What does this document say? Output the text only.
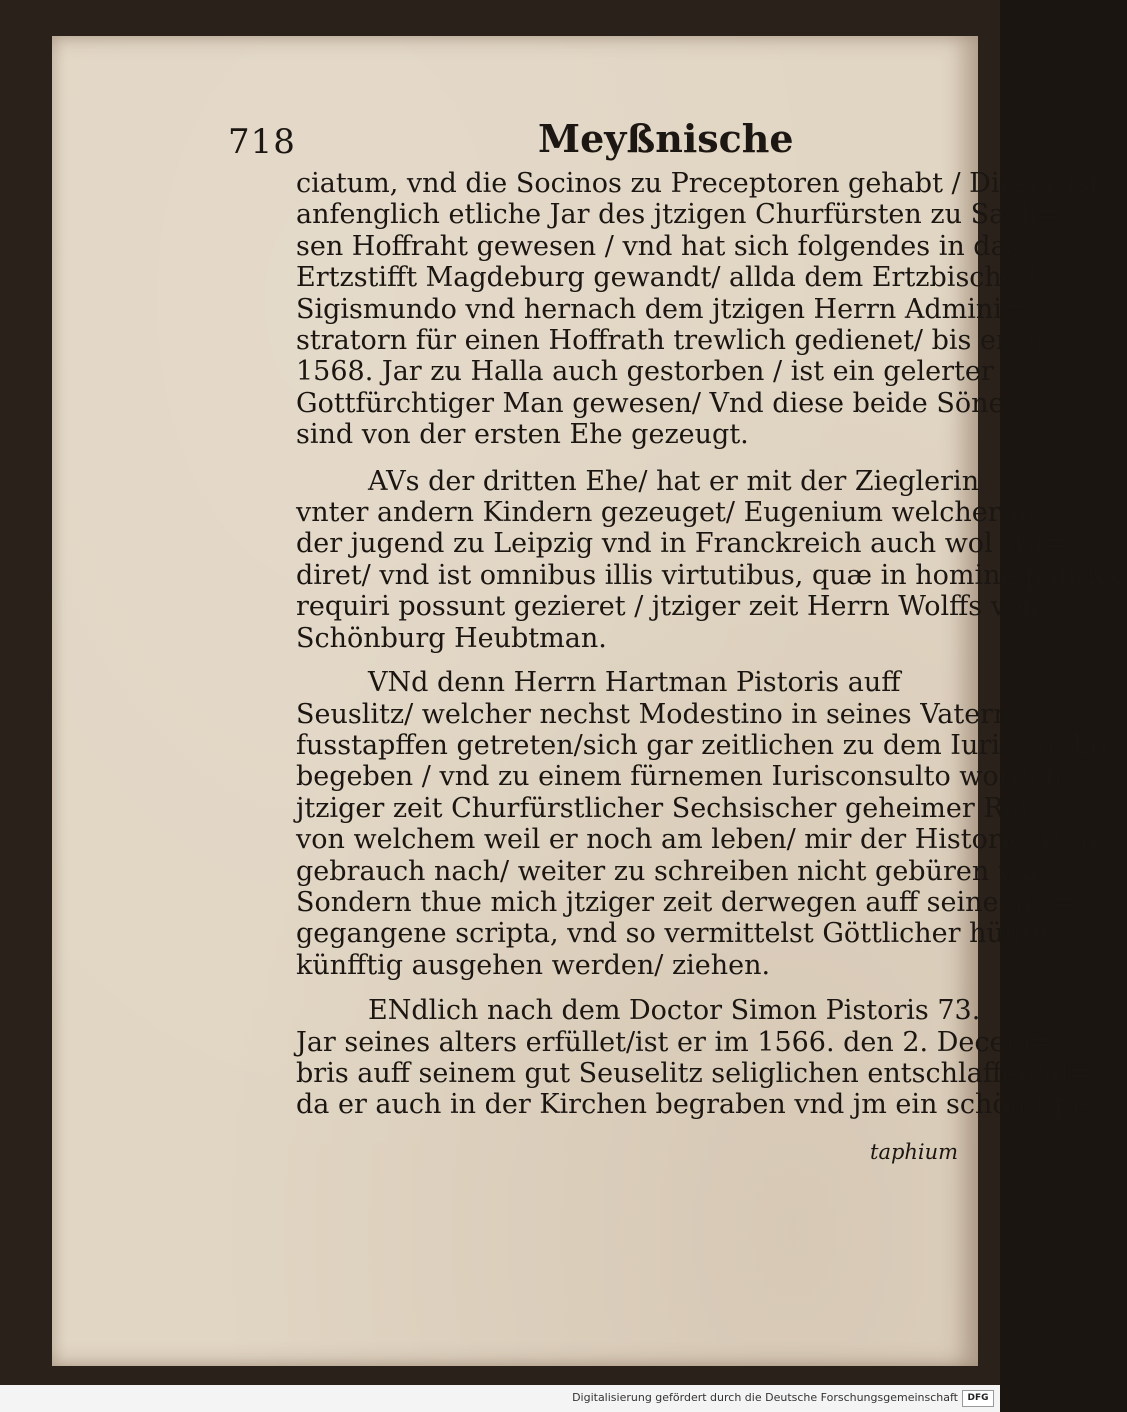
718	Meyßnische
ciatum, vnd die Socinos zu Preceptoren gehabt / Dieser ist
anfenglich etliche Jar des jtzigen Churfürsten zu Sach=
sen Hoffraht gewesen / vnd hat sich folgendes in das
Ertzstifft Magdeburg gewandt/ allda dem Ertzbischoff
Sigismundo vnd hernach dem jtzigen Herrn Admini=
stratorn für einen Hoffrath trewlich gedienet/ bis er im
1568. Jar zu Halla auch gestorben / ist ein gelerter
Gottfürchtiger Man gewesen/ Vnd diese beide Söne
sind von der ersten Ehe gezeugt.
AVs der dritten Ehe/ hat er mit der Zieglerin
vnter andern Kindern gezeuget/ Eugenium welcher in
der jugend zu Leipzig vnd in Franckreich auch wol stu=
diret/ vnd ist omnibus illis virtutibus, quæ in homine politico
requiri possunt gezieret / jtziger zeit Herrn Wolffs von
Schönburg Heubtman.
VNd denn Herrn Hartman Pistoris auff
Seuslitz/ welcher nechst Modestino in seines Vatern
fusstapffen getreten/sich gar zeitlichen zu dem Iuris studio
begeben / vnd zu einem fürnemen Iurisconsulto worden /
jtziger zeit Churfürstlicher Sechsischer geheimer Rath/
von welchem weil er noch am leben/ mir der Historicorum
gebrauch nach/ weiter zu schreiben nicht gebüren wil /
Sondern thue mich jtziger zeit derwegen auff seine aus=
gegangene scripta, vnd so vermittelst Göttlicher hülffe
künfftig ausgehen werden/ ziehen.
ENdlich nach dem Doctor Simon Pistoris 73.
Jar seines alters erfüllet/ist er im 1566. den 2. Decem=
bris auff seinem gut Seuselitz seliglichen entschlaffen/al=
da er auch in der Kirchen begraben vnd jm ein schön Epi-
taphium
Digitalisierung gefördert durch die Deutsche Forschungsgemeinschaft	DFG
